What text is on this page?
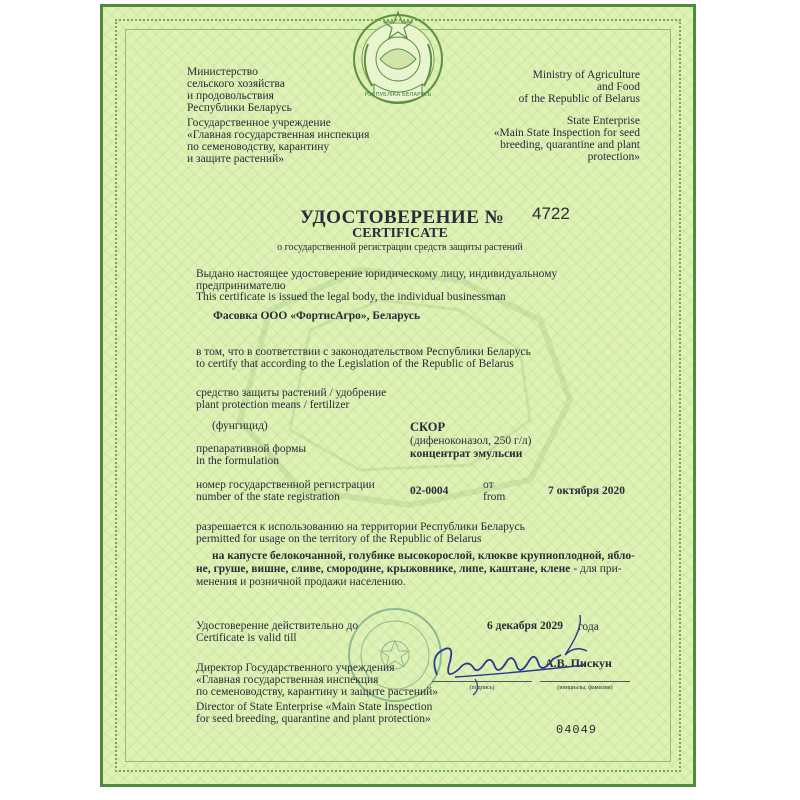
РЭСПУБЛІКА БЕЛАРУСЬ
Министерство
сельского хозяйства
и продовольствия
Республики Беларусь
Государственное учреждение
«Главная государственная инспекция
по семеноводству, карантину
и защите растений»
Ministry of Agriculture
and Food
of the Republic of Belarus
State Enterprise
«Main State Inspection for seed
breeding, quarantine and plant
protection»
УДОСТОВЕРЕНИЕ № 4722
CERTIFICATE
о государственной регистрации средств защиты растений
Выдано настоящее удостоверение юридическому лицу, индивидуальному
предпринимателю
This certificate is issued the legal body, the individual businessman
Фасовка ООО «ФортисАгро», Беларусь
в том, что в соответствии с законодательством Республики Беларусь
to certify that according to the Legislation of the Republic of Belarus
средство защиты растений / удобрение
plant protection means / fertilizer
(фунгицид)	СКОР
(дифеноконазол, 250 г/л)
препаративной формы	концентрат эмульсии
in the formulation
номер государственной регистрации
number of the state registration	02-0004	от
from	7 октября 2020
разрешается к использованию на территории Республики Беларусь
permitted for usage on the territory of the Republic of Belarus
на капусте белокочанной, голубике высокорослой, клюкве крупноплодной, ябло-
не, груше, вишне, сливе, смородине, крыжовнике, липе, каштане, клене - для при-
менения и розничной продажи населению.
Удостоверение действительно до
Certificate is valid till
6 декабря 2029 года
Директор Государственного учреждения
«Главная государственная инспекция
по семеноводству, карантину и защите растений»
Director of State Enterprise «Main State Inspection
for seed breeding, quarantine and plant protection»
А.В. Пискун
(подпись)	(инициалы, фамилия)
04049
